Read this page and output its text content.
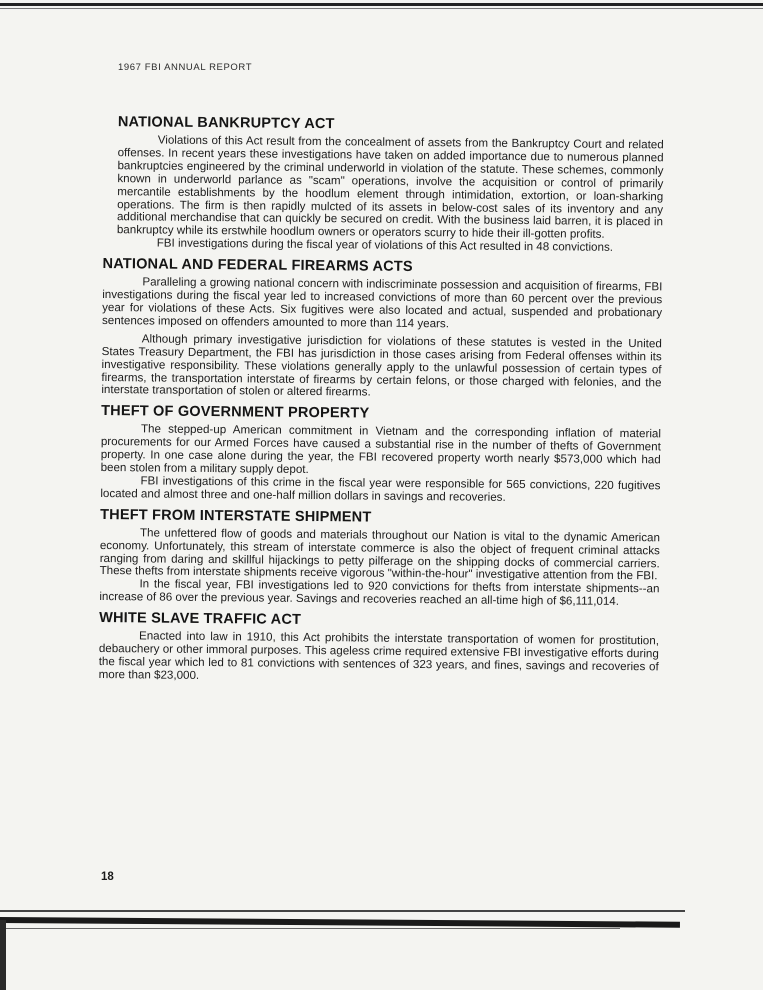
1967 FBI ANNUAL REPORT
NATIONAL BANKRUPTCY ACT

Violations of this Act result from the concealment of assets from the Bankruptcy Court and related offenses. In recent years these investigations have taken on added importance due to numerous planned bankruptcies engineered by the criminal underworld in violation of the statute. These schemes, commonly known in underworld parlance as "scam" operations, involve the acquisition or control of primarily mercantile establishments by the hoodlum element through intimidation, extortion, or loan-sharking operations. The firm is then rapidly mulcted of its assets in below-cost sales of its inventory and any additional merchandise that can quickly be secured on credit. With the business laid barren, it is placed in bankruptcy while its erstwhile hoodlum owners or operators scurry to hide their ill-gotten profits.

FBI investigations during the fiscal year of violations of this Act resulted in 48 convictions.

NATIONAL AND FEDERAL FIREARMS ACTS

Paralleling a growing national concern with indiscriminate possession and acquisition of firearms, FBI investigations during the fiscal year led to increased convictions of more than 60 percent over the previous year for violations of these Acts. Six fugitives were also located and actual, suspended and probationary sentences imposed on offenders amounted to more than 114 years.

Although primary investigative jurisdiction for violations of these statutes is vested in the United States Treasury Department, the FBI has jurisdiction in those cases arising from Federal offenses within its investigative responsibility. These violations generally apply to the unlawful possession of certain types of firearms, the transportation interstate of firearms by certain felons, or those charged with felonies, and the interstate transportation of stolen or altered firearms.

THEFT OF GOVERNMENT PROPERTY

The stepped-up American commitment in Vietnam and the corresponding inflation of material procurements for our Armed Forces have caused a substantial rise in the number of thefts of Government property. In one case alone during the year, the FBI recovered property worth nearly $573,000 which had been stolen from a military supply depot.

FBI investigations of this crime in the fiscal year were responsible for 565 convictions, 220 fugitives located and almost three and one-half million dollars in savings and recoveries.

THEFT FROM INTERSTATE SHIPMENT

The unfettered flow of goods and materials throughout our Nation is vital to the dynamic American economy. Unfortunately, this stream of interstate commerce is also the object of frequent criminal attacks ranging from daring and skillful hijackings to petty pilferage on the shipping docks of commercial carriers. These thefts from interstate shipments receive vigorous "within-the-hour" investigative attention from the FBI.

In the fiscal year, FBI investigations led to 920 convictions for thefts from interstate shipments--an increase of 86 over the previous year. Savings and recoveries reached an all-time high of $6,111,014.

WHITE SLAVE TRAFFIC ACT

Enacted into law in 1910, this Act prohibits the interstate transportation of women for prostitution, debauchery or other immoral purposes. This ageless crime required extensive FBI investigative efforts during the fiscal year which led to 81 convictions with sentences of 323 years, and fines, savings and recoveries of more than $23,000.

18
